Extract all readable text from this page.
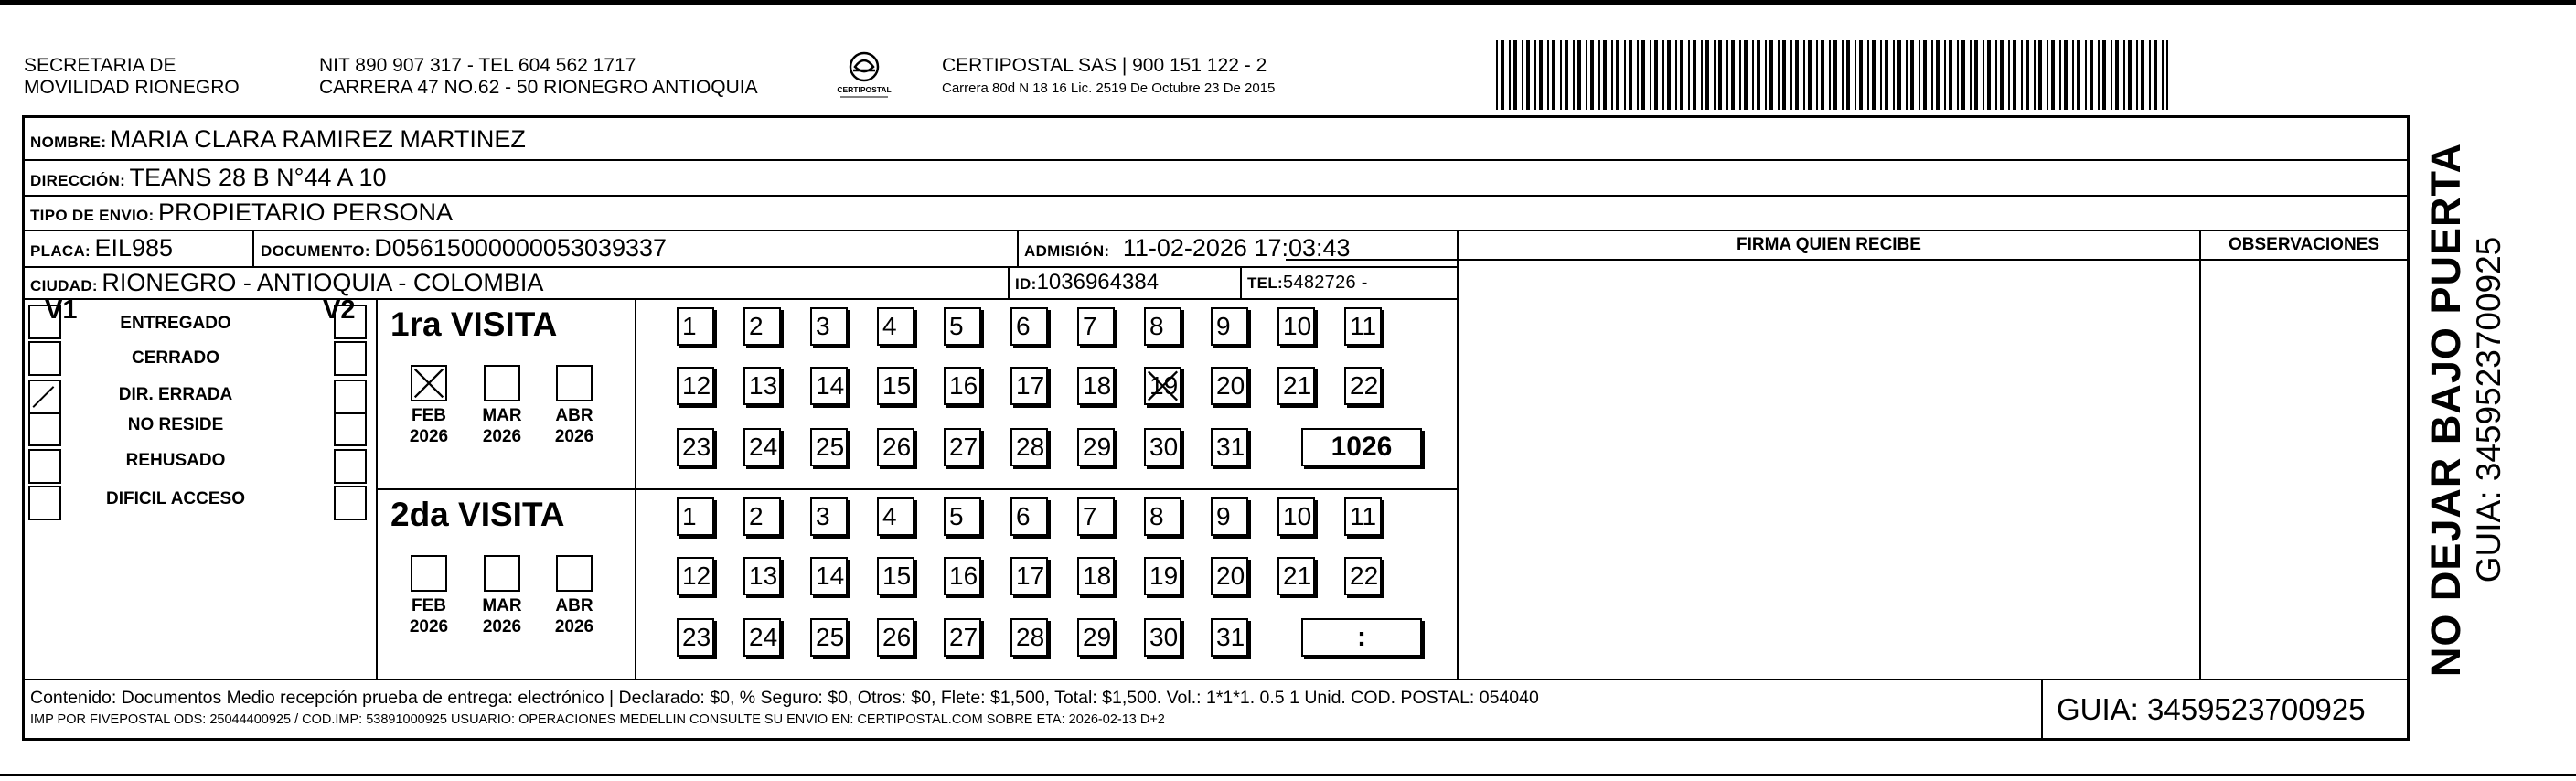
SECRETARIA DE
MOVILIDAD RIONEGRO
NIT 890 907 317 - TEL 604 562 1717
CARRERA 47 NO.62 - 50 RIONEGRO ANTIOQUIA	CERTIPOSTAL
CERTIPOSTAL SAS | 900 151 122 - 2
Carrera 80d N 18 16 Lic. 2519 De Octubre 23 De 2015
NOMBRE: MARIA CLARA RAMIREZ MARTINEZ
DIRECCIÓN: TEANS 28 B N°44 A 10
TIPO DE ENVIO: PROPIETARIO PERSONA
PLACA: EIL985	DOCUMENTO: D05615000000053039337	ADMISIÓN: 11-02-2026 17:03:43
CIUDAD: RIONEGRO - ANTIOQUIA - COLOMBIA	ID:1036964384	TEL:5482726 -
FIRMA QUIEN RECIBE	OBSERVACIONES
V1	V2
ENTREGADO
CERRADO
DIR. ERRADA
NO RESIDE
REHUSADO
DIFICIL ACCESO
1ra VISITA
FEB
2026
MAR
2026
ABR
2026
1	2	3	4	5	6	7	8	9	10 11
12 13 14 15 16 17 18 19 20 21 22
23 24 25 26 27 28 29 30 31	1026
2da VISITA
FEB
2026
MAR
2026
ABR
2026
1	2	3	4	5	6	7	8	9	10 11
12 13 14 15 16 17 18 19 20 21 22
23 24 25 26 27 28 29 30 31	:
Contenido: Documentos Medio recepción prueba de entrega: electrónico | Declarado: $0, % Seguro: $0, Otros: $0, Flete: $1,500, Total: $1,500. Vol.: 1*1*1. 0.5 1 Unid. COD. POSTAL: 054040
IMP POR FIVEPOSTAL ODS: 25044400925 / COD.IMP: 53891000925 USUARIO: OPERACIONES MEDELLIN CONSULTE SU ENVIO EN: CERTIPOSTAL.COM SOBRE ETA: 2026-02-13 D+2	GUIA: 3459523700925
NO DEJAR BAJO PUERTA GUIA: 3459523700925
